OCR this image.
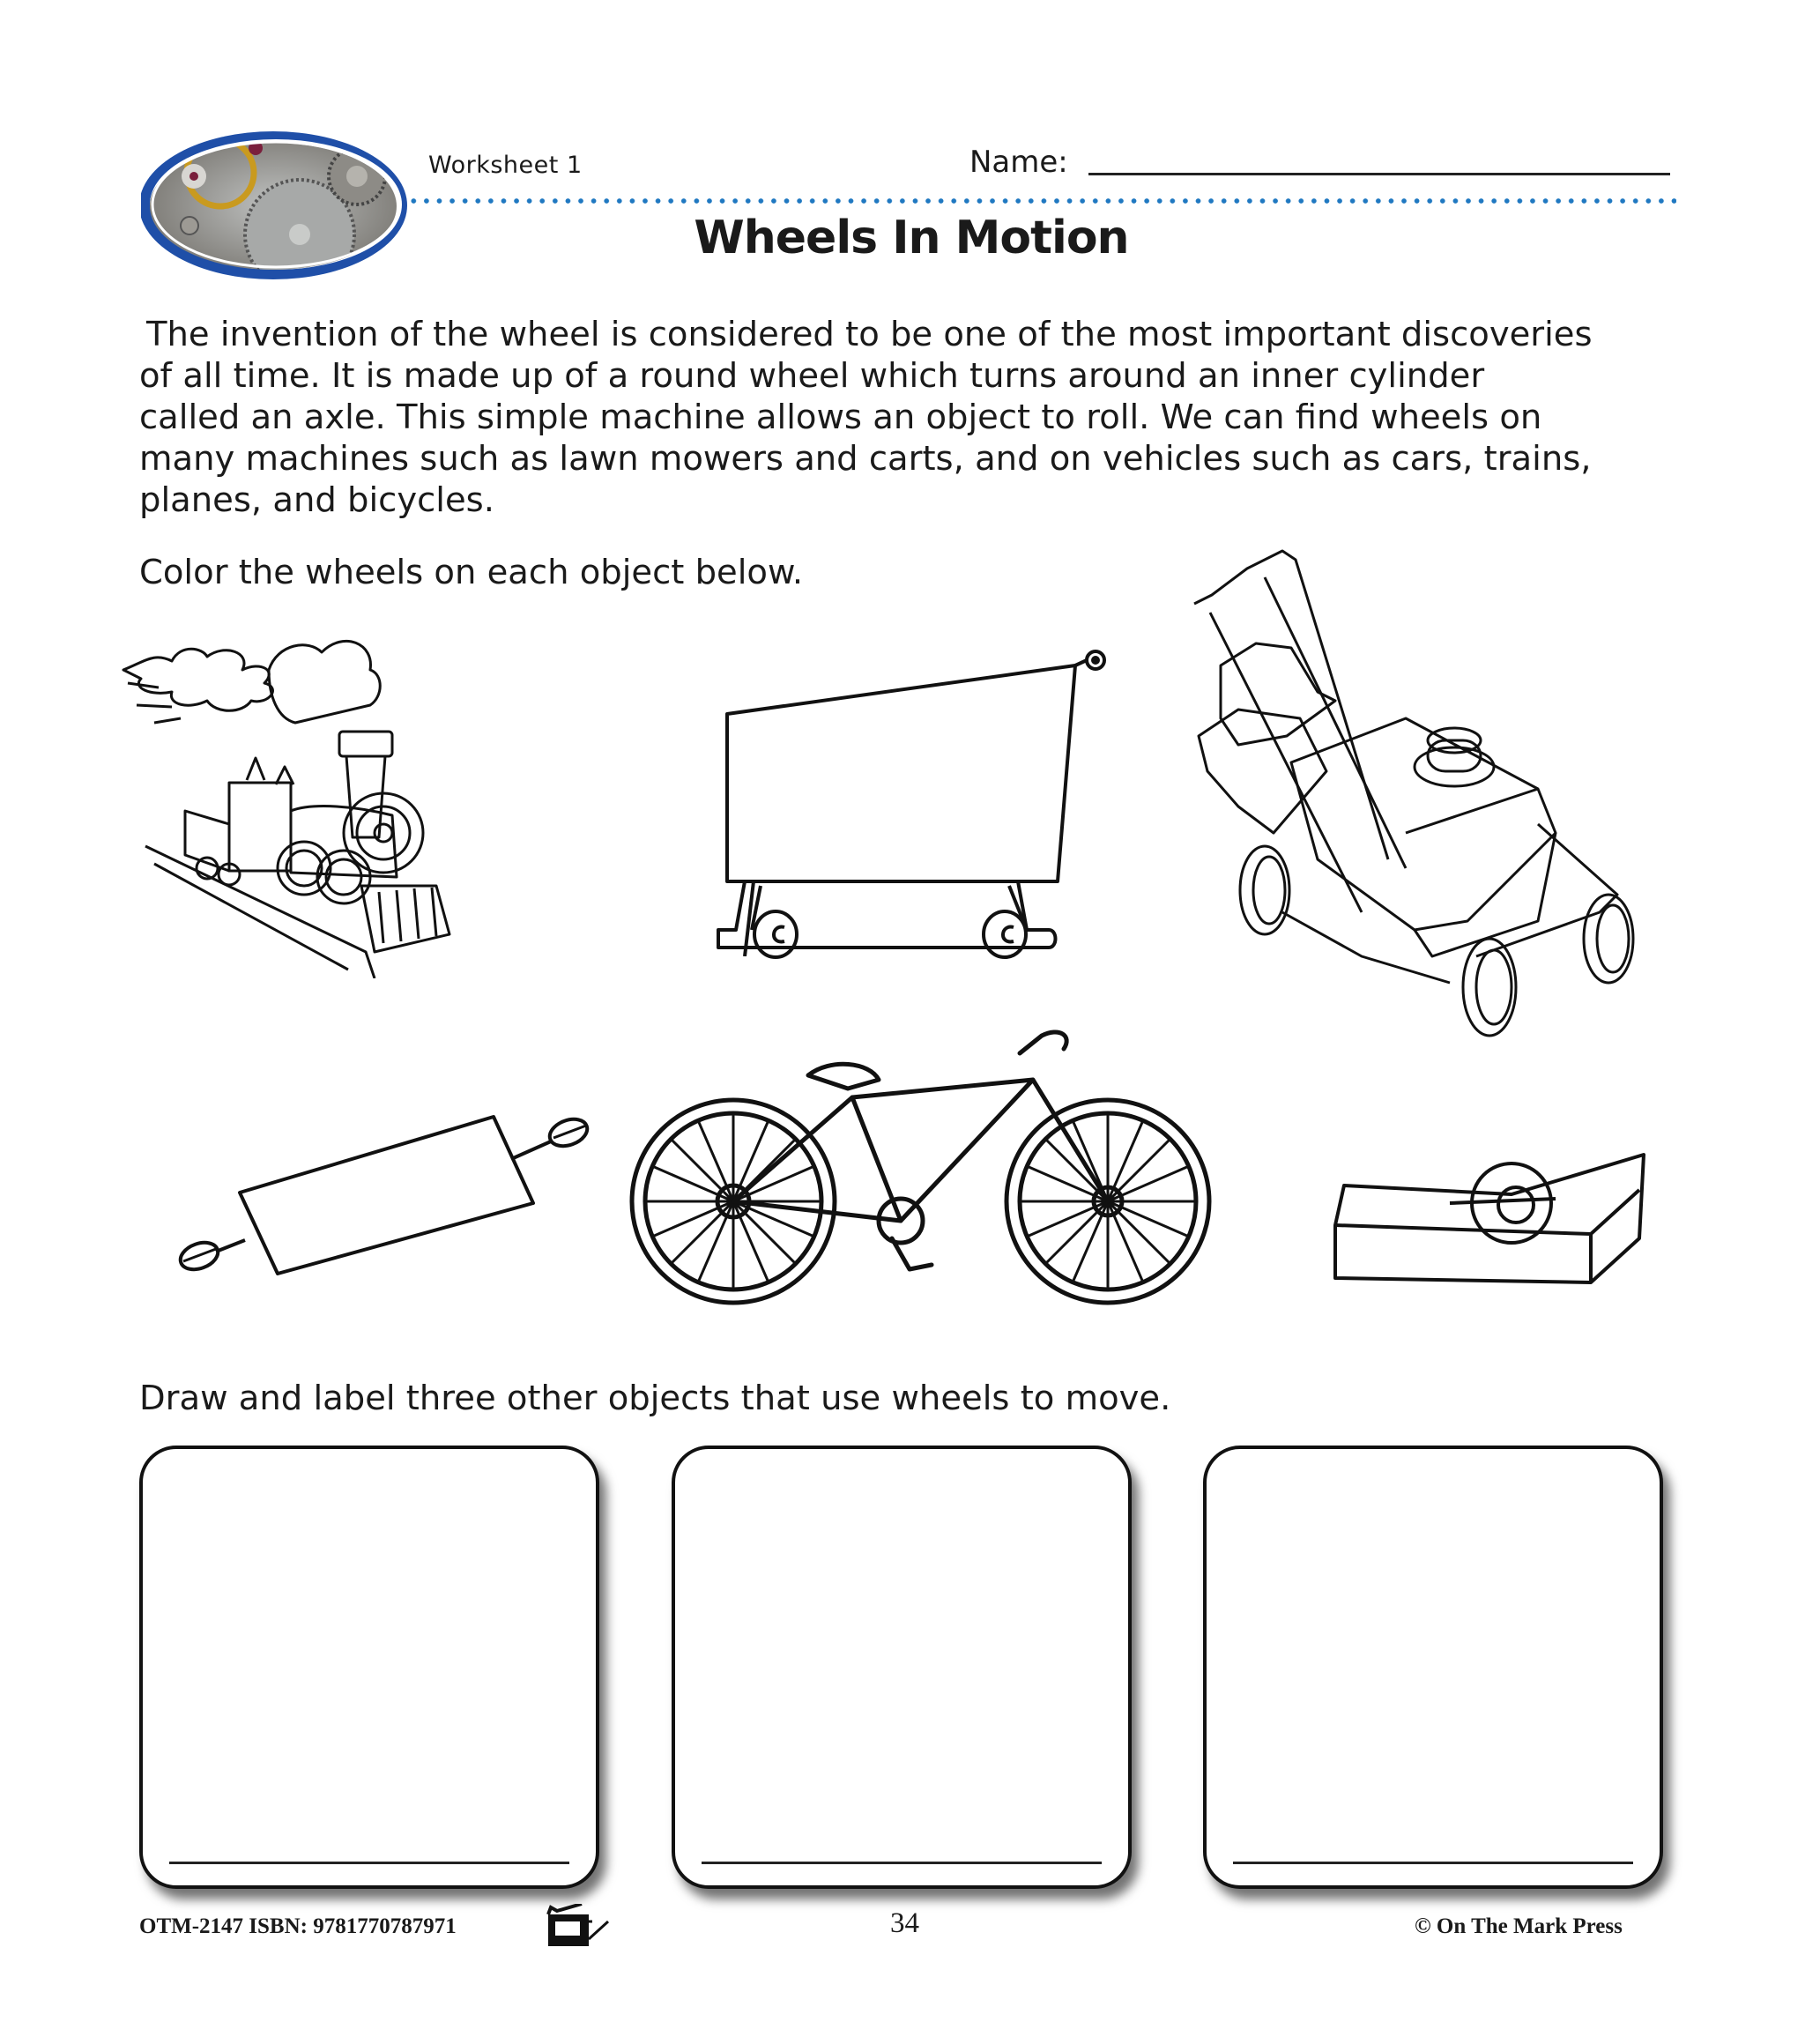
Worksheet 1	Name:
Wheels In Motion

The invention of the wheel is considered to be one of the most important discoveries

of all time. It is made up of a round wheel which turns around an inner cylinder

called an axle. This simple machine allows an object to roll. We can find wheels on

many machines such as lawn mowers and carts, and on vehicles such as cars, trains,

planes, and bicycles.

Color the wheels on each object below.
Draw and label three other objects that use wheels to move.
OTM-2147 ISBN: 9781770787971	34	© On The Mark Press
